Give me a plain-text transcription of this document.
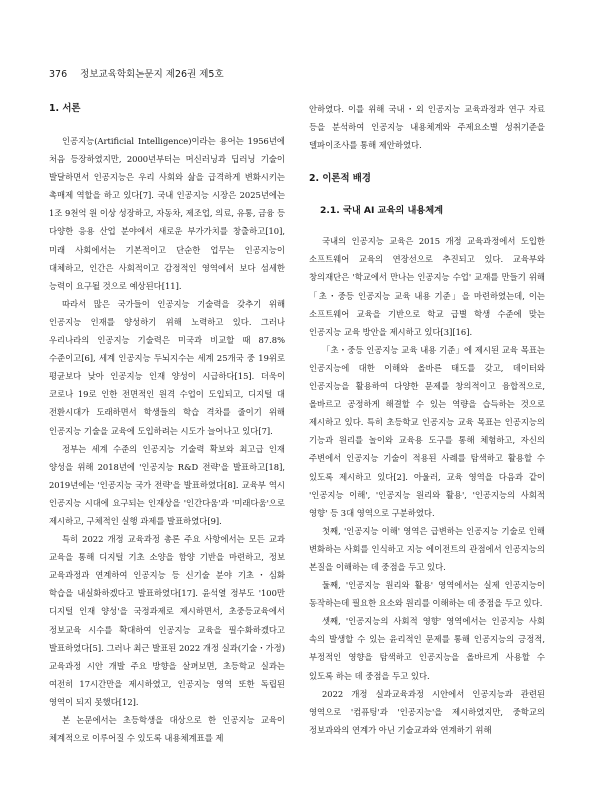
376 정보교육학회논문지 제26권 제5호
1. 서론

인공지능(Artificial Intelligence)이라는 용어는 1956년에 처음 등장하였지만, 2000년부터는 머신러닝과 딥러닝 기술이 발달하면서 인공지능은 우리 사회와 삶을 급격하게 변화시키는 촉매제 역할을 하고 있다[7]. 국내 인공지능 시장은 2025년에는 1조 9천억 원 이상 성장하고, 자동차, 제조업, 의료, 유통, 금융 등 다양한 응용 산업 분야에서 새로운 부가가치를 창출하고[10], 미래 사회에서는 기본적이고 단순한 업무는 인공지능이 대체하고, 인간은 사회적이고 감정적인 영역에서 보다 섬세한 능력이 요구될 것으로 예상된다[11].

따라서 많은 국가들이 인공지능 기술력을 갖추기 위해 인공지능 인재를 양성하기 위해 노력하고 있다. 그러나 우리나라의 인공지능 기술력은 미국과 비교할 때 87.8% 수준이고[6], 세계 인공지능 두뇌지수는 세계 25개국 중 19위로 평균보다 낮아 인공지능 인재 양성이 시급하다[15]. 더욱이 코로나 19로 인한 전면적인 원격 수업이 도입되고, 디지털 대 전환시대가 도래하면서 학생들의 학습 격차를 줄이기 위해 인공지능 기술을 교육에 도입하려는 시도가 늘어나고 있다[7].

정부는 세계 수준의 인공지능 기술력 확보와 최고급 인재 양성을 위해 2018년에 '인공지능 R&D 전략'을 발표하고[18], 2019년에는 '인공지능 국가 전략'을 발표하였다[8]. 교육부 역시 인공지능 시대에 요구되는 인재상을 '인간다움'과 '미래다움'으로 제시하고, 구체적인 실행 과제를 발표하였다[9].

특히 2022 개정 교육과정 총론 주요 사항에서는 모든 교과 교육을 통해 디지털 기초 소양을 함양 기반을 마련하고, 정보 교육과정과 연계하여 인공지능 등 신기술 분야 기초・심화 학습을 내실화하겠다고 발표하였다[17]. 윤석열 정부도 '100만 디지털 인재 양성'을 국정과제로 제시하면서, 초중등교육에서 정보교육 시수를 확대하여 인공지능 교육을 필수화하겠다고 발표하였다[5]. 그러나 최근 발표된 2022 개정 실과(기술・가정) 교육과정 시안 개발 주요 방향을 살펴보면, 초등학교 실과는 여전히 17시간만을 제시하였고, 인공지능 영역 또한 독립된 영역이 되지 못했다[12].

본 논문에서는 초등학생을 대상으로 한 인공지능 교육이 체계적으로 이루어질 수 있도록 내용체계표를 제

안하였다. 이를 위해 국내・외 인공지능 교육과정과 연구 자료 등을 분석하여 인공지능 내용체계와 주제요소별 성취기준을 델파이조사를 통해 제안하였다.

2. 이론적 배경
2.1. 국내 AI 교육의 내용체계

국내의 인공지능 교육은 2015 개정 교육과정에서 도입한 소프트웨어 교육의 연장선으로 추진되고 있다. 교육부와 창의재단은 '학교에서 만나는 인공지능 수업' 교재를 만들기 위해 「초・중등 인공지능 교육 내용 기준」을 마련하였는데, 이는 소프트웨어 교육을 기반으로 학교 급별 학생 수준에 맞는 인공지능 교육 방안을 제시하고 있다[3][16].

「초・중등 인공지능 교육 내용 기준」에 제시된 교육 목표는 인공지능에 대한 이해와 올바른 태도를 갖고, 데이터와 인공지능을 활용하여 다양한 문제를 창의적이고 융합적으로, 올바르고 공정하게 해결할 수 있는 역량을 습득하는 것으로 제시하고 있다. 특히 초등학교 인공지능 교육 목표는 인공지능의 기능과 원리를 놀이와 교육용 도구를 통해 체험하고, 자신의 주변에서 인공지능 기술이 적용된 사례를 탐색하고 활용할 수 있도록 제시하고 있다[2]. 아울러, 교육 영역을 다음과 같이 '인공지능 이해', '인공지능 원리와 활용', '인공지능의 사회적 영향' 등 3대 영역으로 구분하였다.

첫째, '인공지능 이해' 영역은 급변하는 인공지능 기술로 인해 변화하는 사회를 인식하고 지능 에이전트의 관점에서 인공지능의 본질을 이해하는 데 중점을 두고 있다.

둘째, '인공지능 원리와 활용' 영역에서는 실제 인공지능이 동작하는데 필요한 요소와 원리를 이해하는 데 중점을 두고 있다.

셋째, '인공지능의 사회적 영향' 영역에서는 인공지능 사회 속의 발생할 수 있는 윤리적인 문제를 통해 인공지능의 긍정적, 부정적인 영향을 탐색하고 인공지능을 올바르게 사용할 수 있도록 하는 데 중점을 두고 있다.

2022 개정 실과교육과정 시안에서 인공지능과 관련된 영역으로 '컴퓨팅'과 '인공지능'을 제시하였지만, 중학교의 정보과와의 연계가 아닌 기술교과와 연계하기 위해
